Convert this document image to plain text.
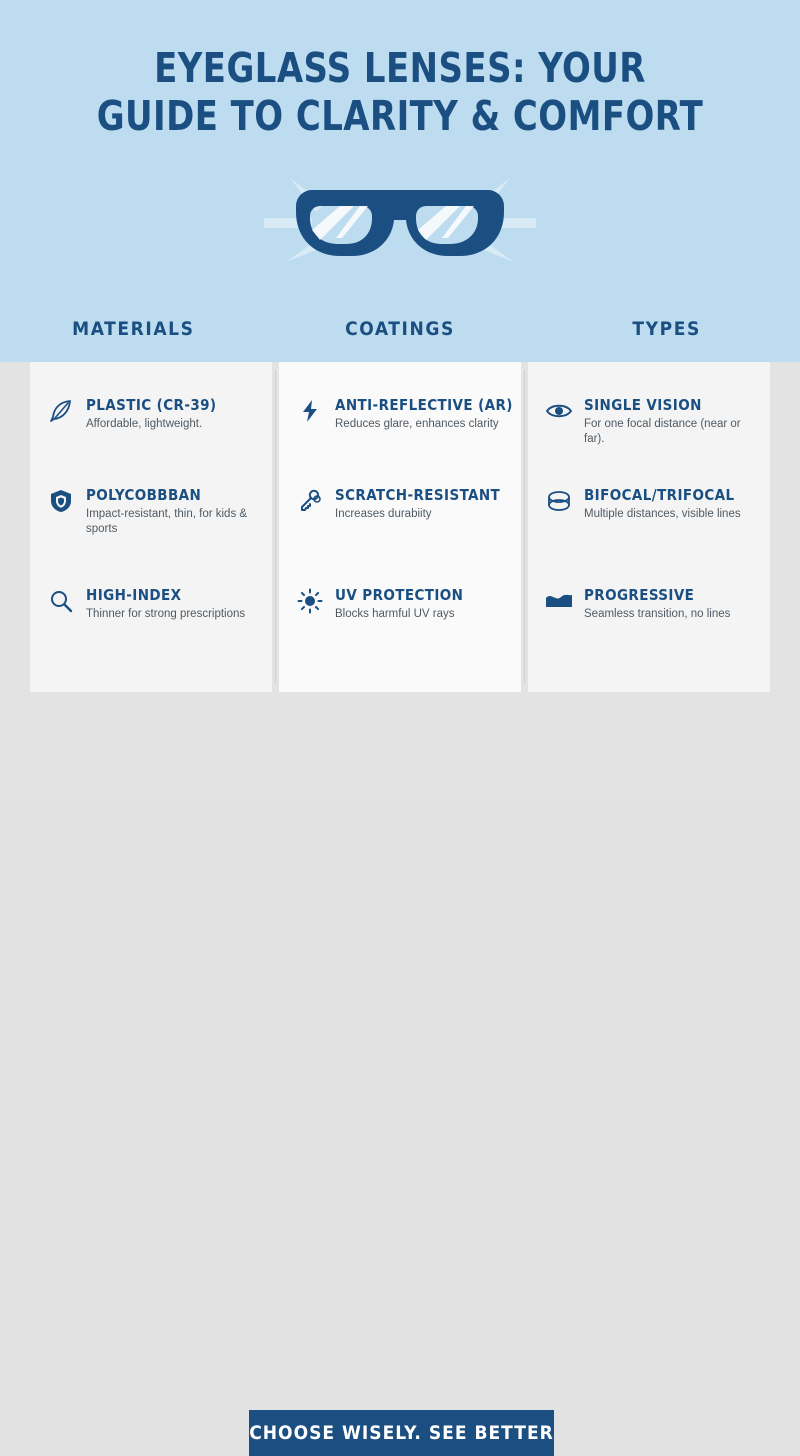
EYEGLASS LENSES: YOUR
GUIDE TO CLARITY & COMFORT
MATERIALS	COATINGS	TYPES
PLASTIC (CR-39)
Affordable, lightweight.
POLYCOBBBAN
Impact-resistant, thin, for kids & sports
HIGH-INDEX
Thinner for strong prescriptions
ANTI-REFLECTIVE (AR)
Reduces glare, enhances clarity
SCRATCH-RESISTANT
Increases durabiity
UV PROTECTION
Blocks harmful UV rays
SINGLE VISION
For one focal distance (near or far).
BIFOCAL/TRIFOCAL
Multiple distances, visible lines
PROGRESSIVE
Seamless transition, no lines
CHOOSE WISELY. SEE BETTER
